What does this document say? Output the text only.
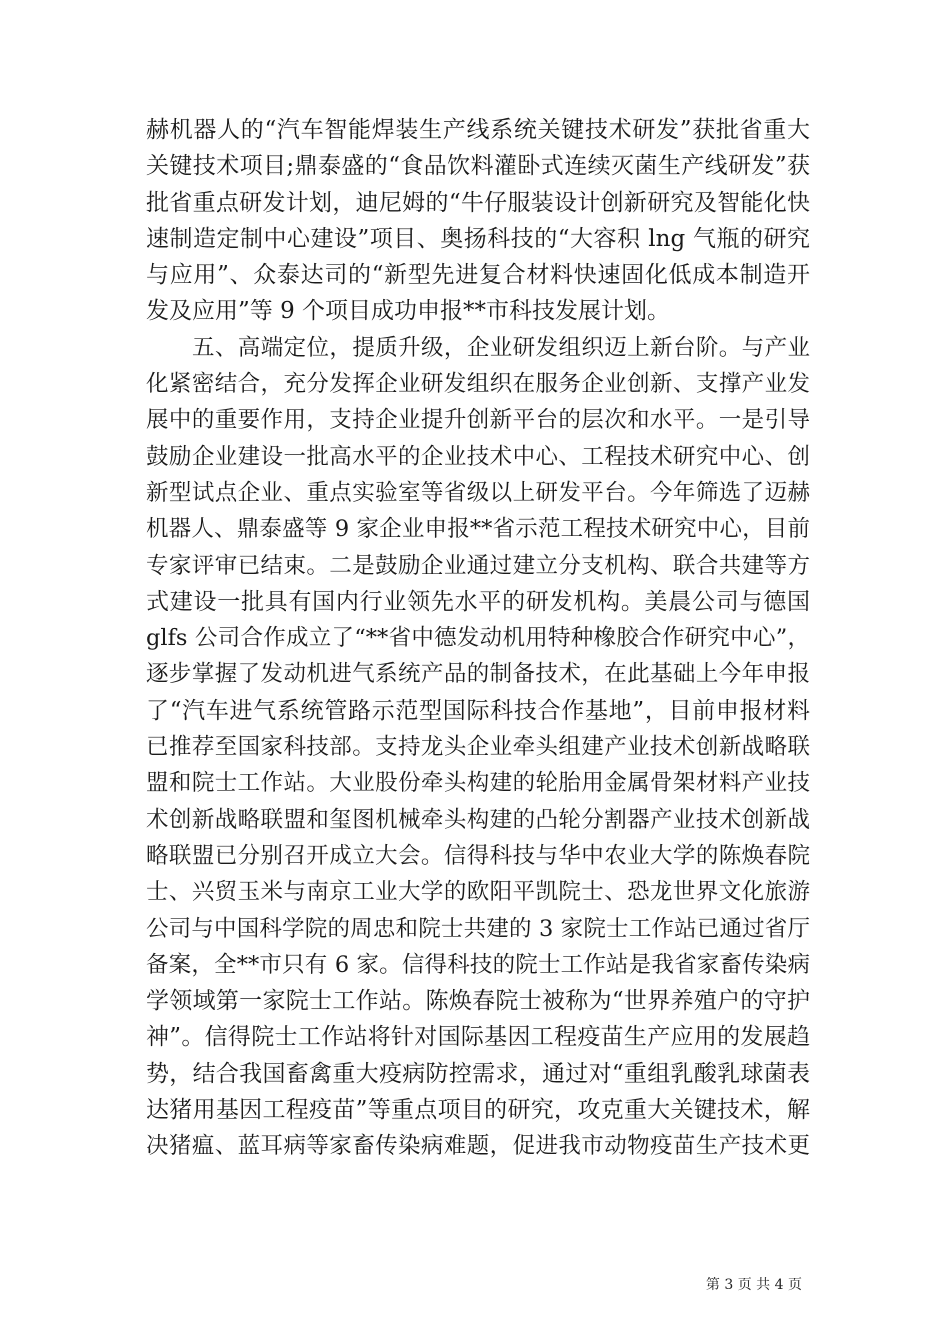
赫机器人的“汽车智能焊装生产线系统关键技术研发”获批省重大
关键技术项目;鼎泰盛的“食品饮料灌卧式连续灭菌生产线研发”获
批省重点研发计划，迪尼姆的“牛仔服装设计创新研究及智能化快
速制造定制中心建设”项目、奥扬科技的“大容积 lng 气瓶的研究
与应用”、众泰达司的“新型先进复合材料快速固化低成本制造开
发及应用”等 9 个项目成功申报**市科技发展计划。
五、高端定位，提质升级，企业研发组织迈上新台阶。与产业
化紧密结合，充分发挥企业研发组织在服务企业创新、支撑产业发
展中的重要作用，支持企业提升创新平台的层次和水平。一是引导
鼓励企业建设一批高水平的企业技术中心、工程技术研究中心、创
新型试点企业、重点实验室等省级以上研发平台。今年筛选了迈赫
机器人、鼎泰盛等 9 家企业申报**省示范工程技术研究中心，目前
专家评审已结束。二是鼓励企业通过建立分支机构、联合共建等方
式建设一批具有国内行业领先水平的研发机构。美晨公司与德国
glfs 公司合作成立了“**省中德发动机用特种橡胶合作研究中心”，
逐步掌握了发动机进气系统产品的制备技术，在此基础上今年申报
了“汽车进气系统管路示范型国际科技合作基地”，目前申报材料
已推荐至国家科技部。支持龙头企业牵头组建产业技术创新战略联
盟和院士工作站。大业股份牵头构建的轮胎用金属骨架材料产业技
术创新战略联盟和玺图机械牵头构建的凸轮分割器产业技术创新战
略联盟已分别召开成立大会。信得科技与华中农业大学的陈焕春院
士、兴贸玉米与南京工业大学的欧阳平凯院士、恐龙世界文化旅游
公司与中国科学院的周忠和院士共建的 3 家院士工作站已通过省厅
备案，全**市只有 6 家。信得科技的院士工作站是我省家畜传染病
学领域第一家院士工作站。陈焕春院士被称为“世界养殖户的守护
神”。信得院士工作站将针对国际基因工程疫苗生产应用的发展趋
势，结合我国畜禽重大疫病防控需求，通过对“重组乳酸乳球菌表
达猪用基因工程疫苗”等重点项目的研究，攻克重大关键技术，解
决猪瘟、蓝耳病等家畜传染病难题，促进我市动物疫苗生产技术更
第 3 页 共 4 页
